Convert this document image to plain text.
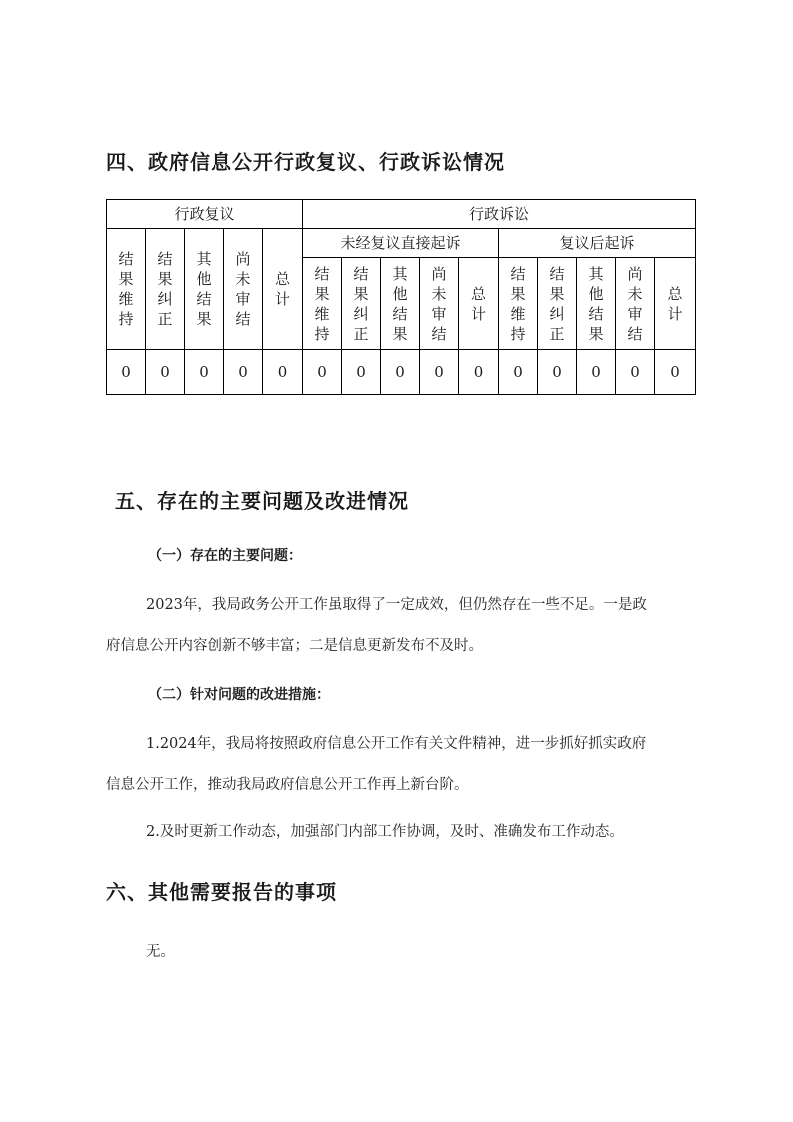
四、政府信息公开行政复议、行政诉讼情况
行政复议					行政诉讼									
结果维持	结果纠正	其他结果	尚未审结	总计	未经复议直接起诉					复议后起诉				
					结果维持	结果纠正	其他结果	尚未审结	总计	结果维持	结果纠正	其他结果	尚未审结	总计
0	0	0	0	0	0	0	0	0	0	0	0	0	0	0
五、存在的主要问题及改进情况
（一）存在的主要问题：
2023年，我局政务公开工作虽取得了一定成效，但仍然存在一些不足。一是政
府信息公开内容创新不够丰富；二是信息更新发布不及时。
（二）针对问题的改进措施：
1.2024年，我局将按照政府信息公开工作有关文件精神，进一步抓好抓实政府
信息公开工作，推动我局政府信息公开工作再上新台阶。
2.及时更新工作动态，加强部门内部工作协调，及时、准确发布工作动态。
六、其他需要报告的事项
无。
